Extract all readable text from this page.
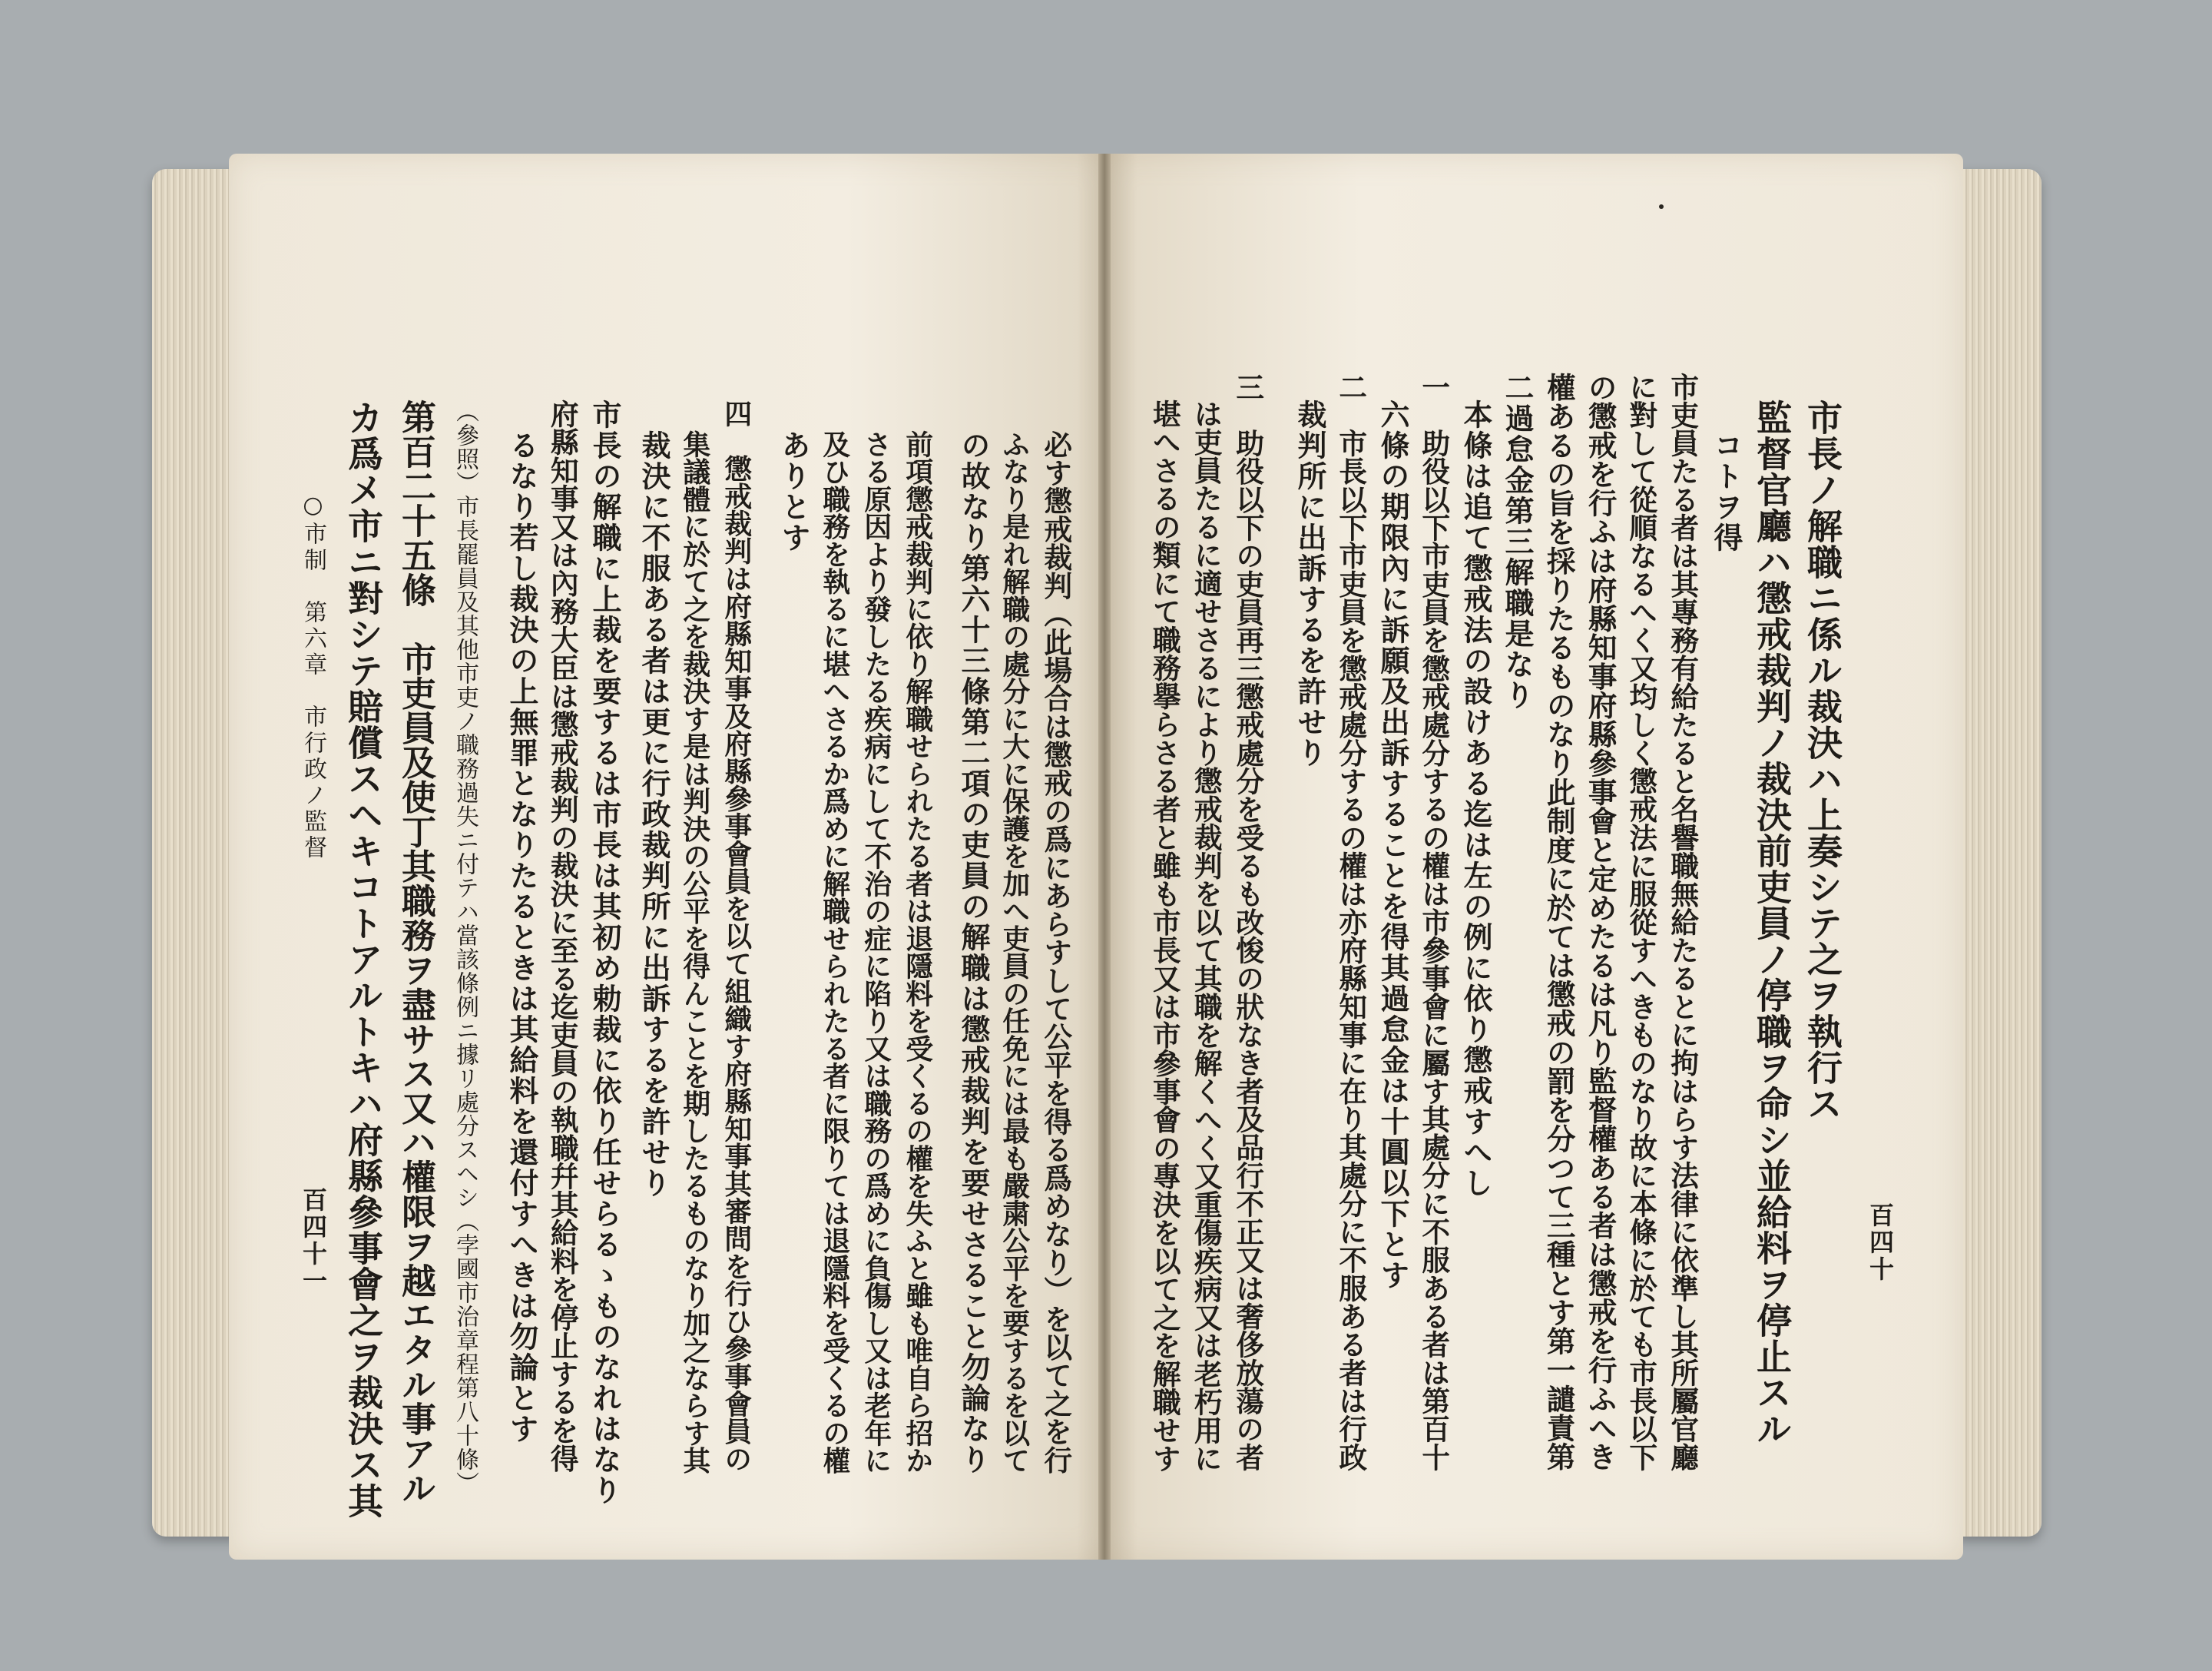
百四十
市長ノ解職ニ係ル裁決ハ上奏シテ之ヲ執行ス
監督官廳ハ懲戒裁判ノ裁決前吏員ノ停職ヲ命シ並給料ヲ停止スル
コトヲ得
市吏員たる者は其專務有給たると名譽職無給たるとに拘はらす法律に依準し其所屬官廳
に對して從順なるへく又均しく懲戒法に服從すへきものなり故に本條に於ても市長以下
の懲戒を行ふは府縣知事府縣參事會と定めたるは凡り監督權ある者は懲戒を行ふへき
權あるの旨を採りたるものなり此制度に於ては懲戒の罰を分つて三種とす第一譴責第
二過怠金第三解職是なり
本條は追て懲戒法の設けある迄は左の例に依り懲戒すへし
一　助役以下市吏員を懲戒處分するの權は市參事會に屬す其處分に不服ある者は第百十
六條の期限內に訴願及出訴することを得其過怠金は十圓以下とす
二　市長以下市吏員を懲戒處分するの權は亦府縣知事に在り其處分に不服ある者は行政
裁判所に出訴するを許せり
三　助役以下の吏員再三懲戒處分を受るも改悛の狀なき者及品行不正又は奢侈放蕩の者
は吏員たるに適せさるにより懲戒裁判を以て其職を解くへく又重傷疾病又は老朽用に
堪へさるの類にて職務擧らさる者と雖も市長又は市參事會の專決を以て之を解職せす
必す懲戒裁判（此場合は懲戒の爲にあらすして公平を得る爲めなり）を以て之を行
ふなり是れ解職の處分に大に保護を加へ吏員の任免には最も嚴粛公平を要するを以て
の故なり第六十三條第二項の吏員の解職は懲戒裁判を要せさること勿論なり
前項懲戒裁判に依り解職せられたる者は退隱料を受くるの權を失ふと雖も唯自ら招か
さる原因より發したる疾病にして不治の症に陷り又は職務の爲めに負傷し又は老年に
及ひ職務を執るに堪へさるか爲めに解職せられたる者に限りては退隱料を受くるの權
ありとす
四　懲戒裁判は府縣知事及府縣參事會員を以て組織す府縣知事其審問を行ひ參事會員の
集議體に於て之を裁決す是は判決の公平を得んことを期したるものなり加之ならす其
裁決に不服ある者は更に行政裁判所に出訴するを許せり
市長の解職に上裁を要するは市長は其初め勅裁に依り任せらるゝものなれはなり
府縣知事又は內務大臣は懲戒裁判の裁決に至る迄吏員の執職幷其給料を停止するを得
るなり若し裁決の上無罪となりたるときは其給料を還付すへきは勿論とす
（參照）市長罷員及其他市吏ノ職務過失ニ付テハ當該條例ニ據リ處分スヘシ（孛國市治章程第八十條）
第百二十五條　市吏員及使丁其職務ヲ盡サス又ハ權限ヲ越エタル事アル
カ爲メ市ニ對シテ賠償スヘキコトアルトキハ府縣參事會之ヲ裁決ス其
○市制　第六章　市行政ノ監督
百四十一
